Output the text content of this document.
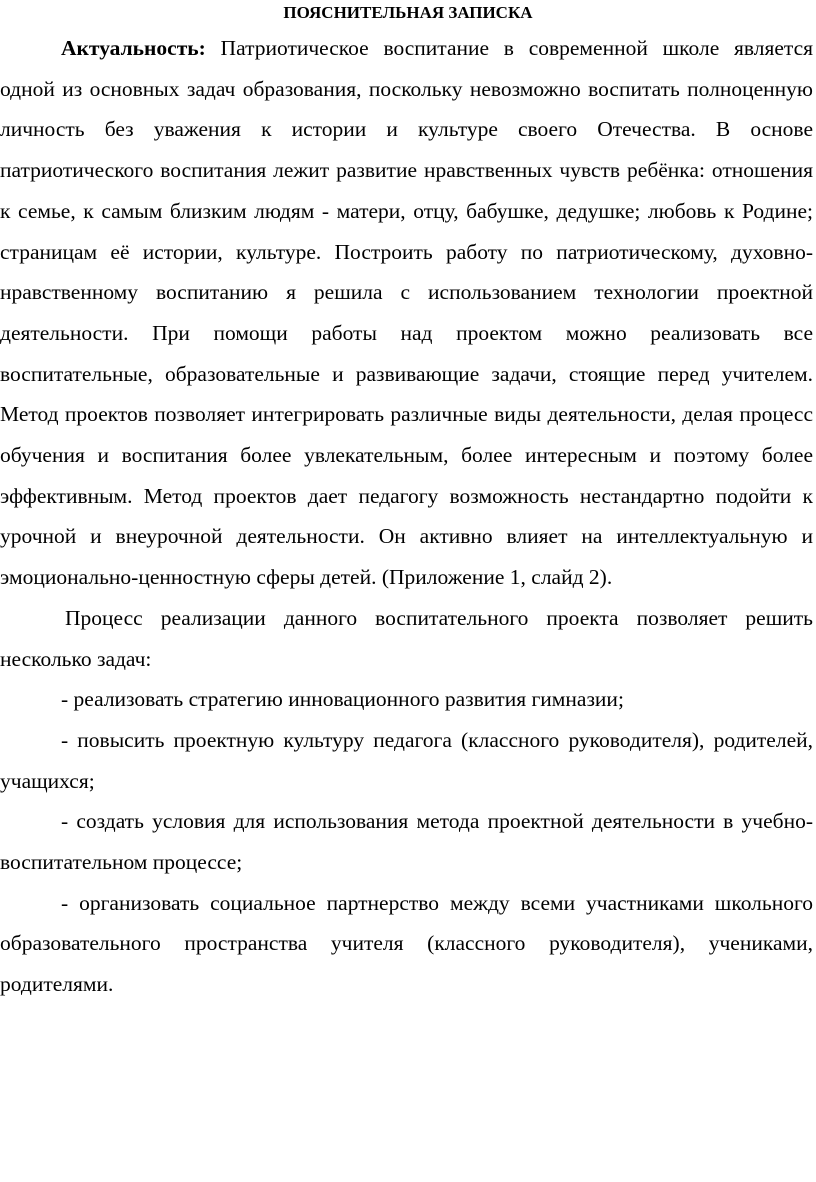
ПОЯСНИТЕЛЬНАЯ ЗАПИСКА

Актуальность: Патриотическое воспитание в современной школе является одной из основных задач образования, поскольку невозможно воспитать полноценную личность без уважения к истории и культуре своего Отечества. В основе патриотического воспитания лежит развитие нравственных чувств ребёнка: отношения к семье, к самым близким людям - матери, отцу, бабушке, дедушке; любовь к Родине; страницам её истории, культуре. Построить работу по патриотическому, духовно-нравственному воспитанию я решила с использованием технологии проектной деятельности. При помощи работы над проектом можно реализовать все воспитательные, образовательные и развивающие задачи, стоящие перед учителем. Метод проектов позволяет интегрировать различные виды деятельности, делая процесс обучения и воспитания более увлекательным, более интересным и поэтому более эффективным. Метод проектов дает педагогу возможность нестандартно подойти к урочной и внеурочной деятельности. Он активно влияет на интеллектуальную и эмоционально-ценностную сферы детей. (Приложение 1, слайд 2).

Процесс реализации данного воспитательного проекта позволяет решить несколько задач:

- реализовать стратегию инновационного развития гимназии;

- повысить проектную культуру педагога (классного руководителя), родителей, учащихся;

- создать условия для использования метода проектной деятельности в учебно-воспитательном процессе;

- организовать социальное партнерство между всеми участниками школьного образовательного пространства учителя (классного руководителя), учениками, родителями.
